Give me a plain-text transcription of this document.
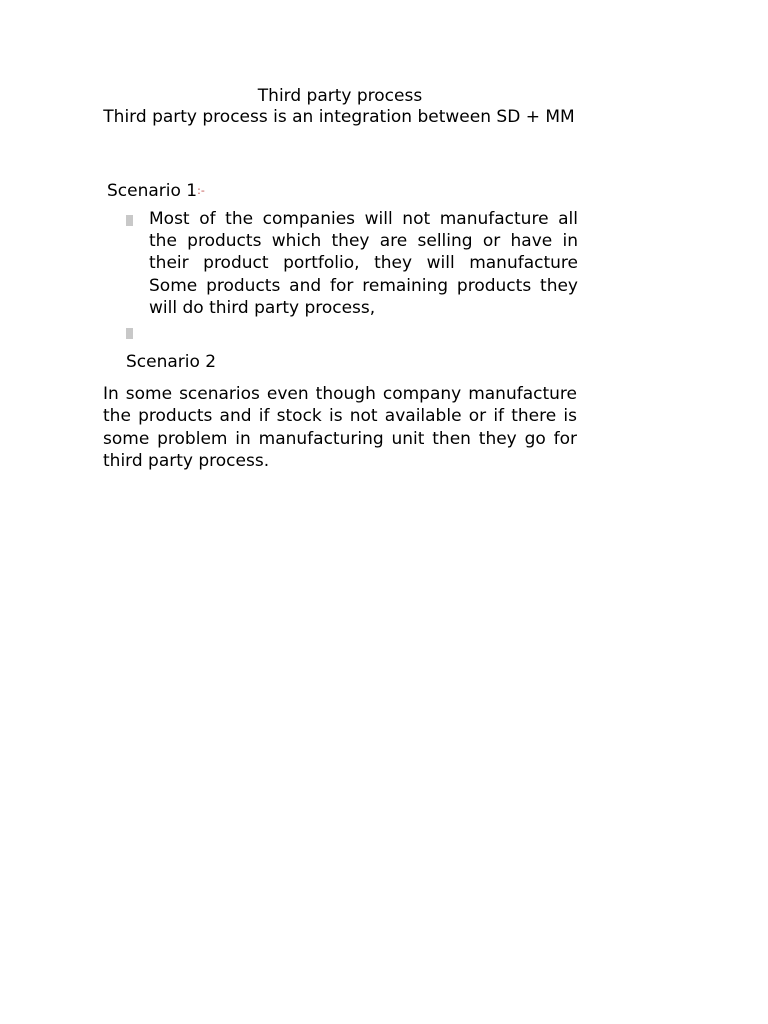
Third party process
Third party process is an integration between SD + MM
Scenario 1:-
Most of the companies will not manufacture all the products which they are selling or have in their product portfolio, they will manufacture Some products and for remaining products they will do third party process,
Scenario 2

In some scenarios even though company manufacture the products and if stock is not available or if there is some problem in manufacturing unit then they go for third party process.
